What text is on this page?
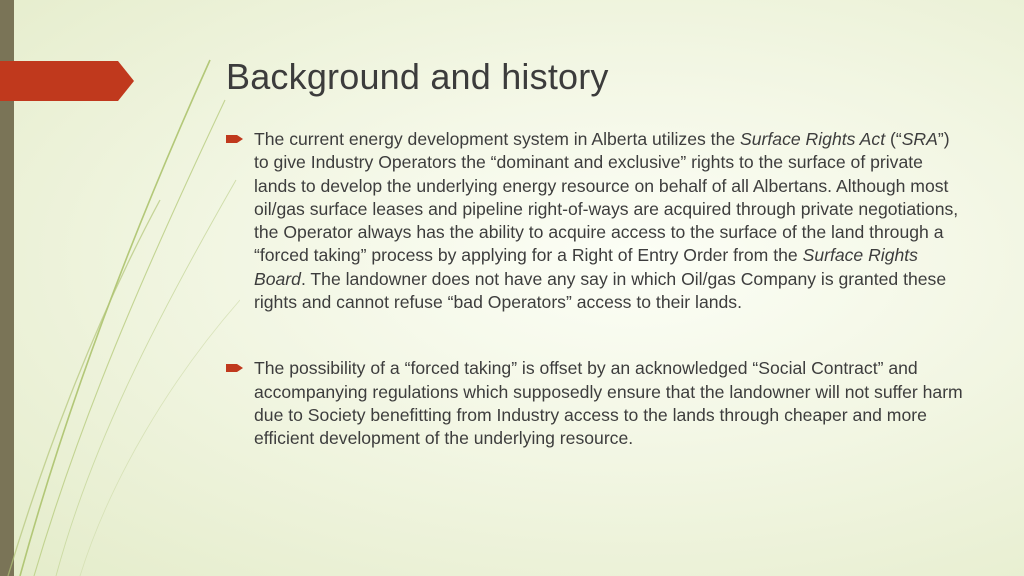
Background and history
The current energy development system in Alberta utilizes the Surface Rights Act (“SRA”) to give Industry Operators the “dominant and exclusive” rights to the surface of private lands to develop the underlying energy resource on behalf of all Albertans. Although most oil/gas surface leases and pipeline right-of-ways are acquired through private negotiations, the Operator always has the ability to acquire access to the surface of the land through a “forced taking” process by applying for a Right of Entry Order from the Surface Rights Board. The landowner does not have any say in which Oil/gas Company is granted these rights and cannot refuse “bad Operators” access to their lands.
The possibility of a “forced taking” is offset by an acknowledged “Social Contract” and accompanying regulations which supposedly ensure that the landowner will not suffer harm due to Society benefitting from Industry access to the lands through cheaper and more efficient development of the underlying resource.
